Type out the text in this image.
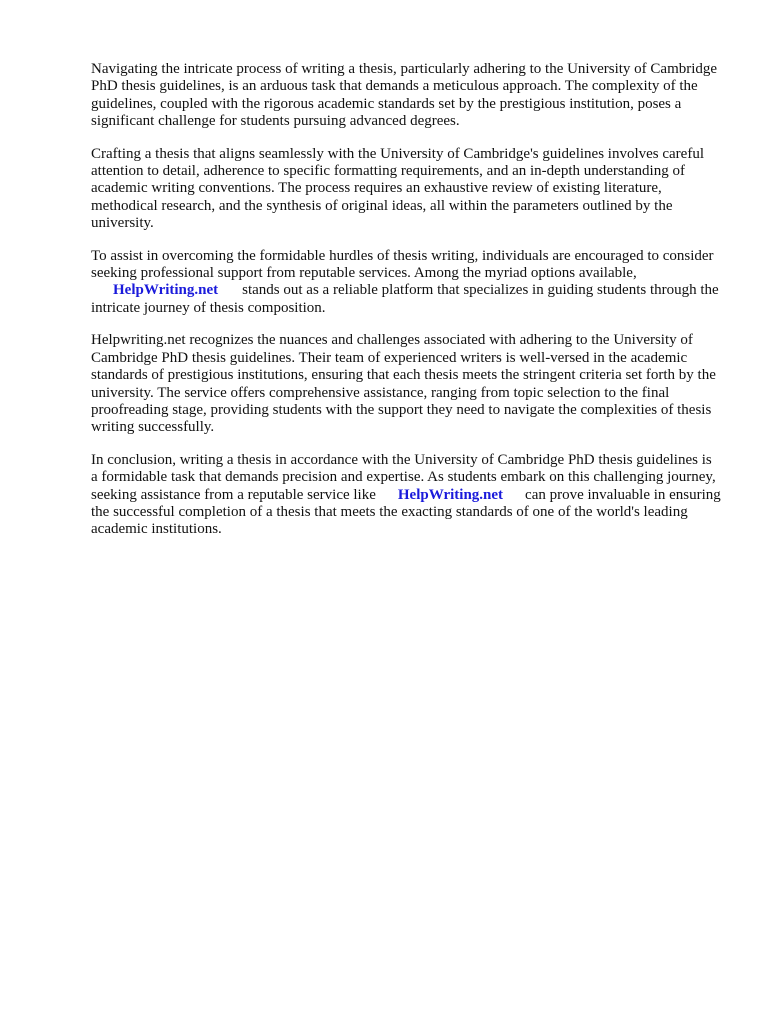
Navigating the intricate process of writing a thesis, particularly adhering to the University of Cambridge PhD thesis guidelines, is an arduous task that demands a meticulous approach. The complexity of the guidelines, coupled with the rigorous academic standards set by the prestigious institution, poses a significant challenge for students pursuing advanced degrees.

Crafting a thesis that aligns seamlessly with the University of Cambridge's guidelines involves careful attention to detail, adherence to specific formatting requirements, and an in-depth understanding of academic writing conventions. The process requires an exhaustive review of existing literature, methodical research, and the synthesis of original ideas, all within the parameters outlined by the university.

To assist in overcoming the formidable hurdles of thesis writing, individuals are encouraged to consider seeking professional support from reputable services. Among the myriad options available,
HelpWriting.net stands out as a reliable platform that specializes in guiding students through the intricate journey of thesis composition.

Helpwriting.net recognizes the nuances and challenges associated with adhering to the University of Cambridge PhD thesis guidelines. Their team of experienced writers is well-versed in the academic standards of prestigious institutions, ensuring that each thesis meets the stringent criteria set forth by the university. The service offers comprehensive assistance, ranging from topic selection to the final proofreading stage, providing students with the support they need to navigate the complexities of thesis writing successfully.

In conclusion, writing a thesis in accordance with the University of Cambridge PhD thesis guidelines is a formidable task that demands precision and expertise. As students embark on this challenging journey, seeking assistance from a reputable service like HelpWriting.net can prove invaluable in ensuring the successful completion of a thesis that meets the exacting standards of one of the world's leading academic institutions.
